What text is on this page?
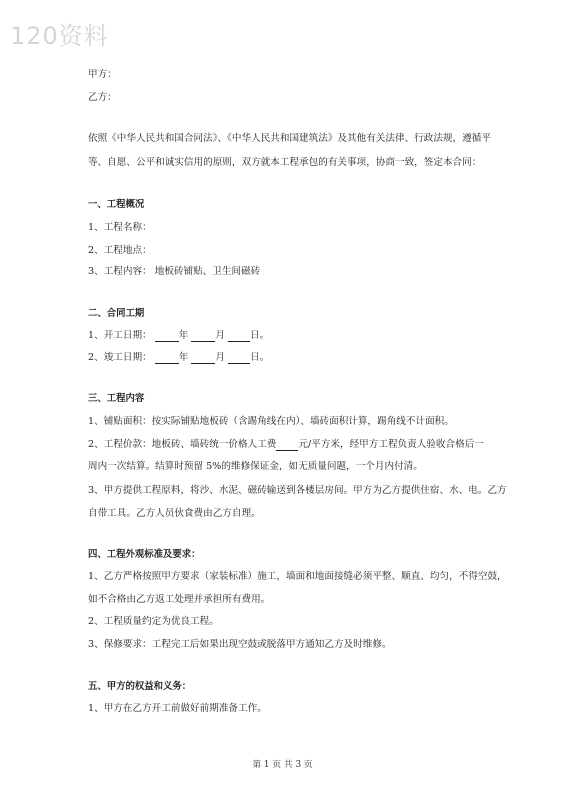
120资料
甲方：
乙方：
依照《中华人民共和国合同法》、《中华人民共和国建筑法》及其他有关法律、行政法规，遵循平
等、自愿、公平和诚实信用的原则，双方就本工程承包的有关事项，协商一致，签定本合同：
一、工程概况
1、工程名称：
2、工程地点：
3、工程内容： 地板砖铺贴、卫生间磁砖
二、合同工期
1、开工日期：	年	月	日。
2、竣工日期：	年	月	日。
三、工程内容
1、铺贴面积：按实际铺贴地板砖（含踢角线在内）、墙砖面积计算，踢角线不计面积。
2、工程价款：地板砖、墙砖统一价格人工费 元/平方米，经甲方工程负责人验收合格后一
周内一次结算。结算时预留 5%的维修保证金，如无质量问题，一个月内付清。
3、甲方提供工程原料，将沙、水泥、磁砖输送到各楼层房间。甲方为乙方提供住宿、水、电。乙方
自带工具。乙方人员伙食费由乙方自理。
四、工程外观标准及要求：
1、乙方严格按照甲方要求（家装标准）施工，墙面和地面接缝必须平整、顺直、均匀，不得空鼓，
如不合格由乙方返工处理并承担所有费用。
2、工程质量约定为优良工程。
3、保修要求：工程完工后如果出现空鼓或脱落甲方通知乙方及时维修。
五、甲方的权益和义务：
1、甲方在乙方开工前做好前期准备工作。
第 1 页 共 3 页
